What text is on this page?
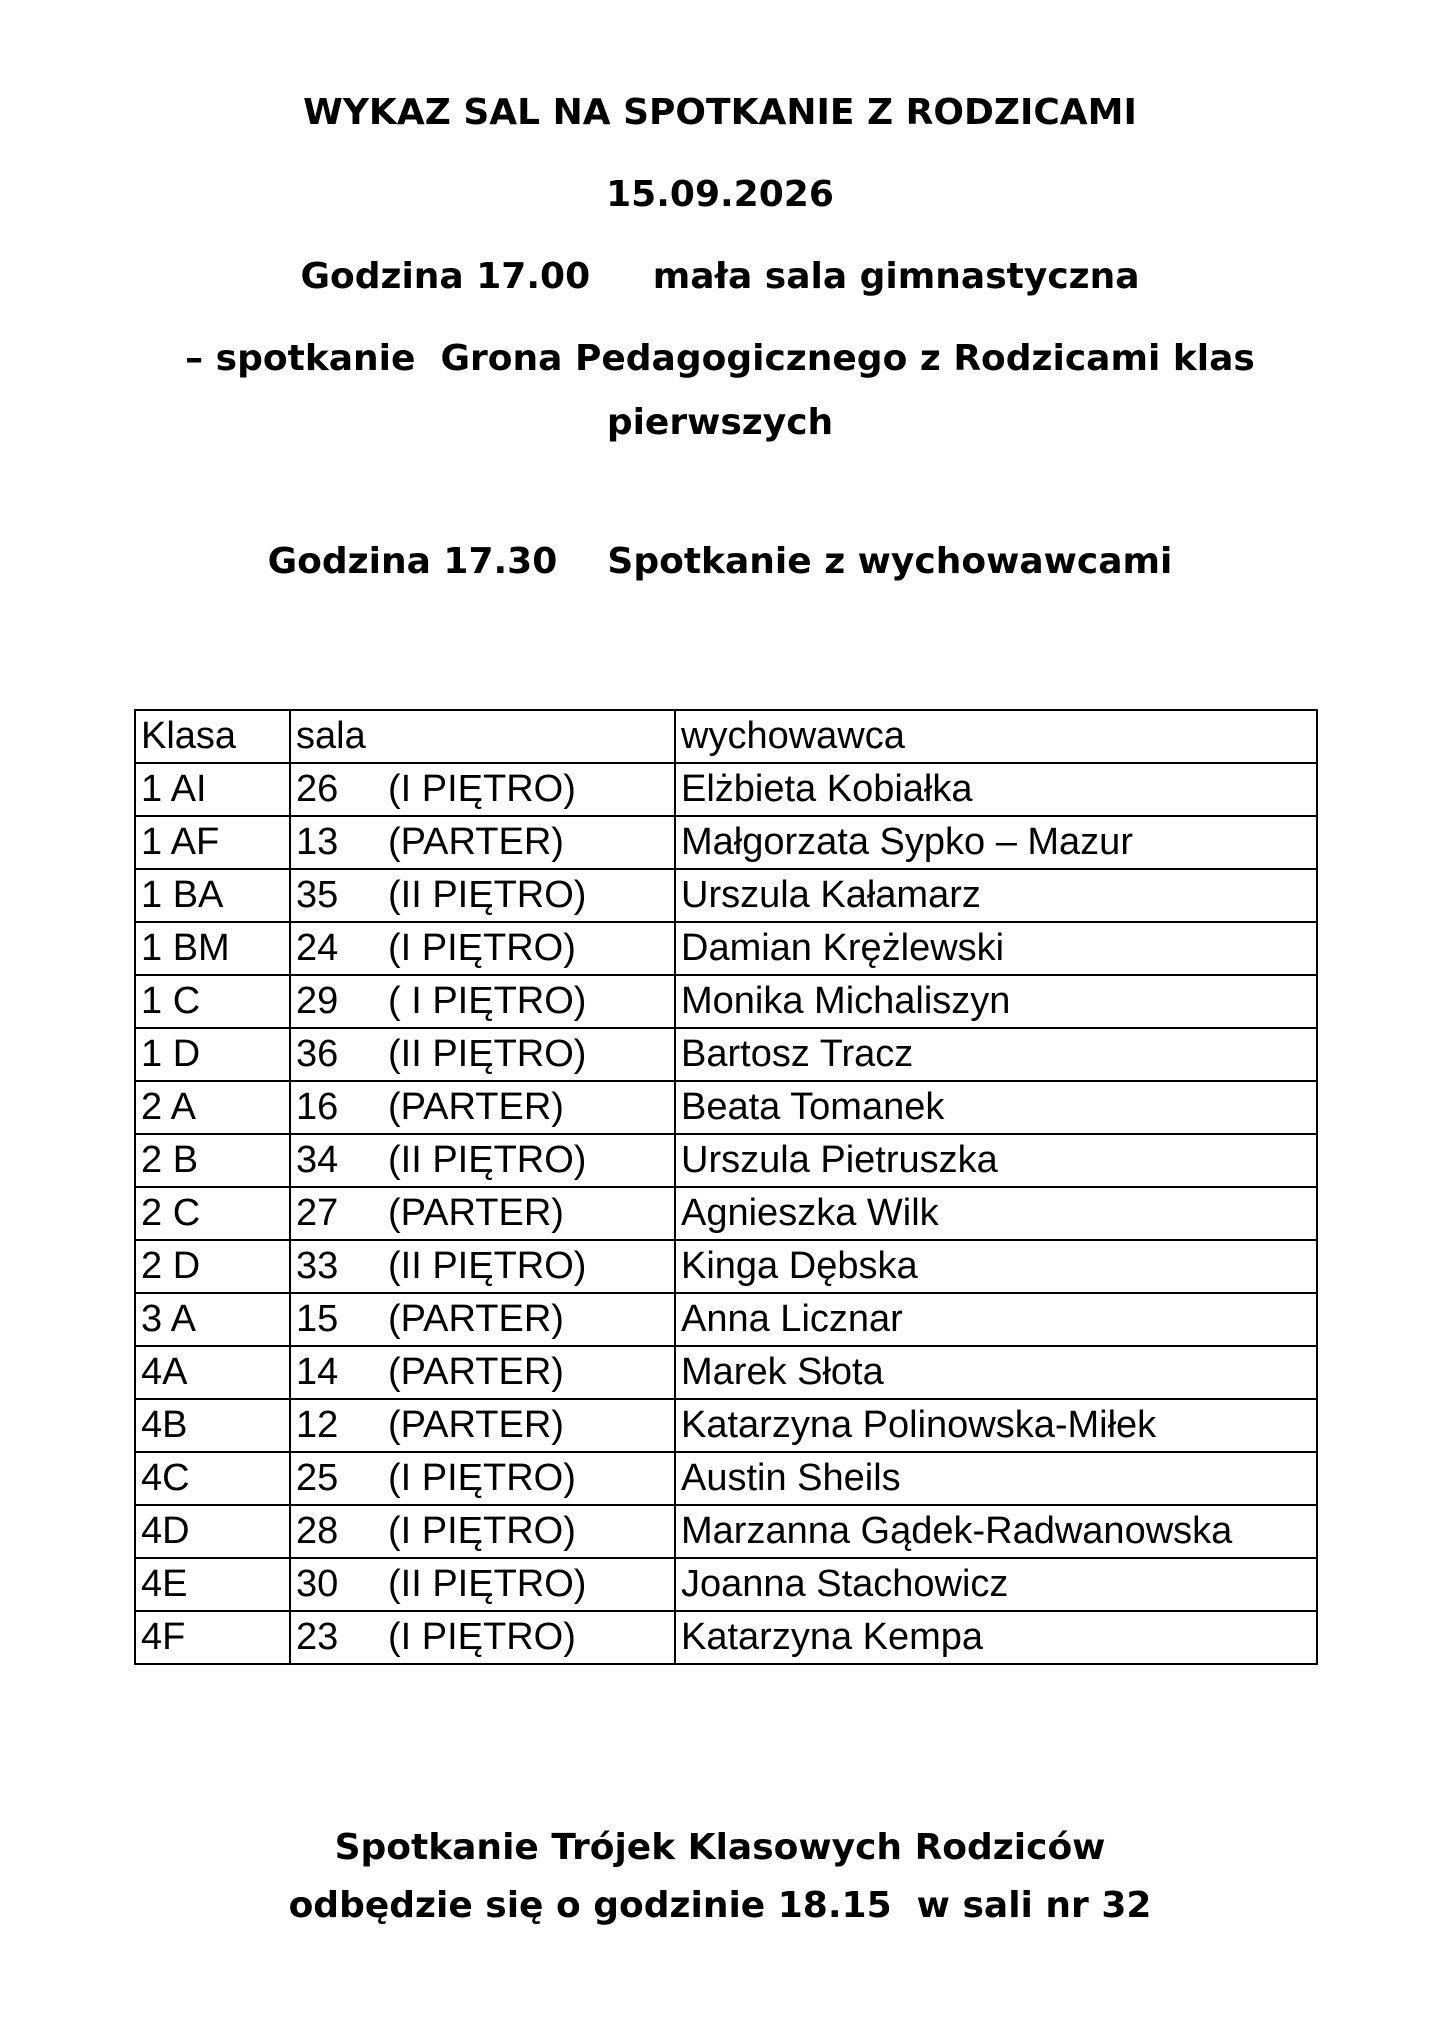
WYKAZ SAL NA SPOTKANIE Z RODZICAMI

15.09.2026

Godzina 17.00     mała sala gimnastyczna

– spotkanie  Grona Pedagogicznego z Rodzicami klas

pierwszych

Godzina 17.30    Spotkanie z wychowawcami

Klasa	sala	wychowawca
1 AI	26 (I PIĘTRO)	Elżbieta Kobiałka
1 AF	13 (PARTER)	Małgorzata Sypko – Mazur
1 BA	35 (II PIĘTRO)	Urszula Kałamarz
1 BM	24 (I PIĘTRO)	Damian Krężlewski
1 C	29 ( I PIĘTRO)	Monika Michaliszyn
1 D	36 (II PIĘTRO)	Bartosz Tracz
2 A	16 (PARTER)	Beata Tomanek
2 B	34 (II PIĘTRO)	Urszula Pietruszka
2 C	27 (PARTER)	Agnieszka Wilk
2 D	33 (II PIĘTRO)	Kinga Dębska
3 A	15 (PARTER)	Anna Licznar
4A	14 (PARTER)	Marek Słota
4B	12 (PARTER)	Katarzyna Polinowska-Miłek
4C	25 (I PIĘTRO)	Austin Sheils
4D	28 (I PIĘTRO)	Marzanna Gądek-Radwanowska
4E	30 (II PIĘTRO)	Joanna Stachowicz
4F	23 (I PIĘTRO)	Katarzyna Kempa

Spotkanie Trójek Klasowych Rodziców

odbędzie się o godzinie 18.15  w sali nr 32
